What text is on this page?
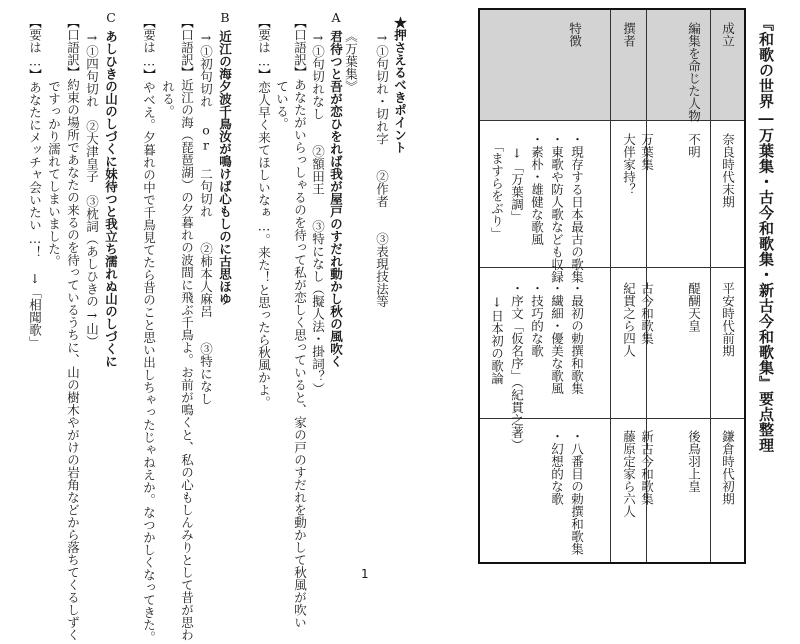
『和歌の世界―万葉集・古今和歌集・新古今和歌集』要点整理

成立
奈良時代末期
平安時代前期
鎌倉時代初期
編集を命じた人物
不明
醍醐天皇
後鳥羽上皇
撰者
大伴家持？
紀貫之ら四人
藤原定家ら六人
特徴
・現存する日本最古の歌集
・東歌や防人歌なども収録
・素朴・雄健な歌風
　↓「万葉調」
　「ますらをぶり」
・最初の勅撰和歌集
・繊細・優美な歌風
・技巧的な歌
・序文「仮名序」（紀貫之著）
　↓日本初の歌論
・八番目の勅撰和歌集
・幻想的な歌
万葉集
古今和歌集
新古今和歌集

★押さえるべきポイント

→①句切れ・切れ字　　②作者　　③表現技法等

A

《万葉集》

君待つと吾が恋ひをれば我が屋戸のすだれ動かし秋の風吹く

→①句切れなし　　②額田王　　③特になし（擬人法・掛詞？）

【口語訳】あなたがいらっしゃるのを待って私が恋しく思っていると、家の戸のすだれを動かして秋風が吹い

ている。

【要は…】恋人早く来てほしいなぁ…。来た！と思ったら秋風かよ。

B

近江の海夕波千鳥汝が鳴けば心もしのに古思ほゆ

→①初句切れ or 二句切れ　　②柿本人麻呂　　③特になし

【口語訳】近江の海（琵琶湖）の夕暮れの波間に飛ぶ千鳥よ。お前が鳴くと、私の心もしんみりとして昔が思わ

れる。

【要は…】やべえ。夕暮れの中で千鳥見てたら昔のこと思い出しちゃったじゃねえか。なつかしくなってきた。

C

あしひきの山のしづくに妹待つと我立ち濡れぬ山のしづくに

→①四句切れ　②大津皇子　③枕詞（あしひきの→山）

【口語訳】約束の場所であなたの来るのを待っているうちに、山の樹木やがけの岩角などから落ちてくるしずく

ですっかり濡れてしまいました。

【要は…】あなたにメッチャ会いたい…！　↓「相聞歌」

1
